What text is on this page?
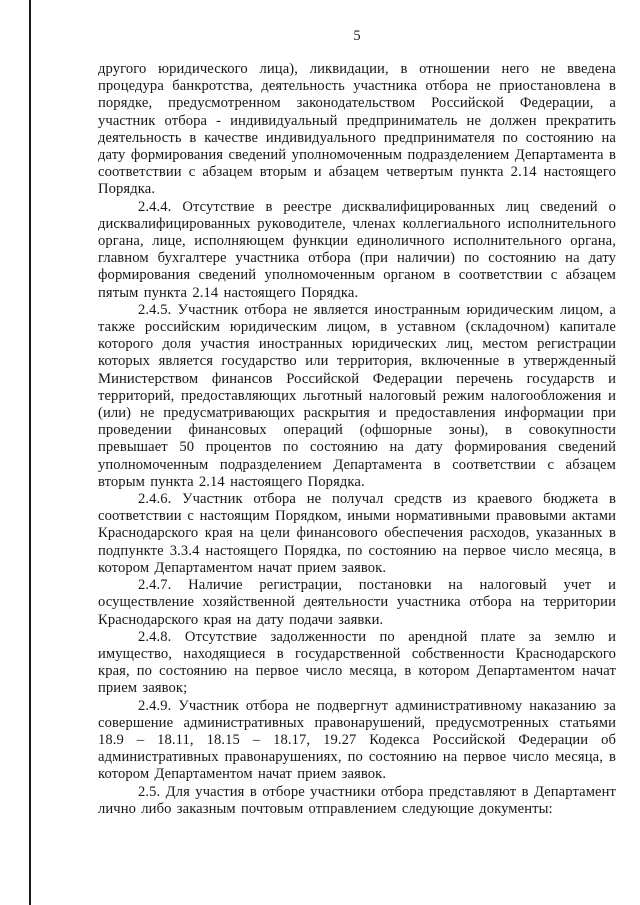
5

другого юридического лица), ликвидации, в отношении него не введена процедура банкротства, деятельность участника отбора не приостановлена в порядке, предусмотренном законодательством Российской Федерации, а участник отбора - индивидуальный предприниматель не должен прекратить деятельность в качестве индивидуального предпринимателя по состоянию на дату формирования сведений уполномоченным подразделением Департамента в соответствии с абзацем вторым и абзацем четвертым пункта 2.14 настоящего Порядка.

2.4.4. Отсутствие в реестре дисквалифицированных лиц сведений о дисквалифицированных руководителе, членах коллегиального исполнительного органа, лице, исполняющем функции единоличного исполнительного органа, главном бухгалтере участника отбора (при наличии) по состоянию на дату формирования сведений уполномоченным органом в соответствии с абзацем пятым пункта 2.14 настоящего Порядка.

2.4.5. Участник отбора не является иностранным юридическим лицом, а также российским юридическим лицом, в уставном (складочном) капитале которого доля участия иностранных юридических лиц, местом регистрации которых является государство или территория, включенные в утвержденный Министерством финансов Российской Федерации перечень государств и территорий, предоставляющих льготный налоговый режим налогообложения и (или) не предусматривающих раскрытия и предоставления информации при проведении финансовых операций (офшорные зоны), в совокупности превышает 50 процентов по состоянию на дату формирования сведений уполномоченным подразделением Департамента в соответствии с абзацем вторым пункта 2.14 настоящего Порядка.

2.4.6. Участник отбора не получал средств из краевого бюджета в соответствии с настоящим Порядком, иными нормативными правовыми актами Краснодарского края на цели финансового обеспечения расходов, указанных в подпункте 3.3.4 настоящего Порядка, по состоянию на первое число месяца, в котором Департаментом начат прием заявок.

2.4.7. Наличие регистрации, постановки на налоговый учет и осуществление хозяйственной деятельности участника отбора на территории Краснодарского края на дату подачи заявки.

2.4.8. Отсутствие задолженности по арендной плате за землю и имущество, находящиеся в государственной собственности Краснодарского края, по состоянию на первое число месяца, в котором Департаментом начат прием заявок;

2.4.9. Участник отбора не подвергнут административному наказанию за совершение административных правонарушений, предусмотренных статьями 18.9 – 18.11, 18.15 – 18.17, 19.27 Кодекса Российской Федерации об административных правонарушениях, по состоянию на первое число месяца, в котором Департаментом начат прием заявок.

2.5. Для участия в отборе участники отбора представляют в Департамент лично либо заказным почтовым отправлением следующие документы:
